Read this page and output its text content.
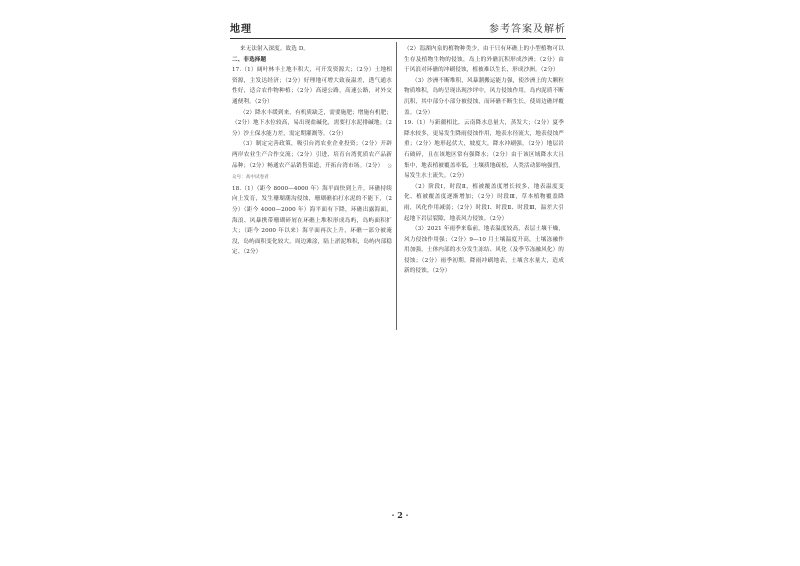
地理	参考答案及解析

来无法射入深度。故选 D。

二、非选择题

17.（1）阔叶林丰土地丰积大，可开发资源大；（2分）土地相资源，主发达经济；（2分）好理地可增大致夜温差，透气通水性好，适合农作物种植；（2分）高速公路，高速公路，对外交通便利。（2分）

（2）降水丰缓到来，有机质缺乏，需要施肥；增施有机肥；（2分）地下水位较高，易出现盐碱化，需要打水泥排碱地；（2分）沙土保水能力差，需定期灌溉等。（2分）

（3）制定完善政策，吸引台湾农业企业投资；（2分）开辟两岸农业生产合作交流；（2分）引进、培育台湾优质农产品新品种；（2分）畅通农产品销售渠道，开拓台湾市场。（2分） 公众号：高中试卷君

18.（1）（距今 8000—4000 年）海平面快到上升，环礁持续向上发育，发生珊瑚潮沟侵蚀，珊瑚礁拍打水泥的不能下，（2分）（距今 4000—2000 年）海平面有下降，环礁出露海面，海浪、风暴携带珊瑚碎屑在环礁上堆积形成岛屿，岛屿面积扩大；（距今 2000 年以来）海平面再次上升，环礁一部分被淹没，岛屿面积变化较大，周边滩涂，陆上淤泥堆积，岛屿内部稳定、（2分）

（2）潟湖内泉的植物种类少，由于只有环礁上的小型植物可以生存及植物生物的侵蚀，岛上的外礁沉积形成沙洲；（2分）由于风浪对环礁的冲刷侵蚀，植被难以生长，形成沙洲。（2分）

（3）沙洲不断堆积，风暴潮搬运能力强，使沙洲上的大颗粒物质堆积，岛屿呈现出现沙坪中，风力侵蚀作用，岛内泥质不断沉积，其中部分小部分被侵蚀，而环礁不断生长，使周边礁坪覆盖。（2分）

19.（1）与新疆相比，云南降水总量大，蒸发大；（2分）夏季降水较多，更易发生降雨侵蚀作用，地表水径流大，地表侵蚀严重；（2分）地形起伏大，坡度大，降水冲刷强，（2分）地层岩石破碎，且在该地区常有强降水；（2分）由于该区域降水大且集中，地表植被覆盖率低，土壤质地疏松，人类活动影响强烈，易发生水土流失。（2分）

（2）阶段Ⅰ，时段Ⅱ，植被覆盖度增长较多，地表温度变化、植被覆盖度逐渐增加；（2分）时段Ⅲ，草本植物覆盖降雨，风化作用减弱；（2分）时段Ⅰ、时段Ⅱ、时段Ⅲ，温差大引起地下岩层裂隙，地表风力侵蚀。（2分）

（3）2021 年雨季来临前，地表温度较高，表层土壤干燥，风力侵蚀作用强；（2分）9—10 月土壤温度升高，土壤冻融作用加强，土体内部的水分发生冻结、风化（及季节冻融风化）的侵蚀；（2分）雨季初期，降雨冲刷地表，土壤含水量大，造成新的侵蚀。（2分）

· 2 ·
